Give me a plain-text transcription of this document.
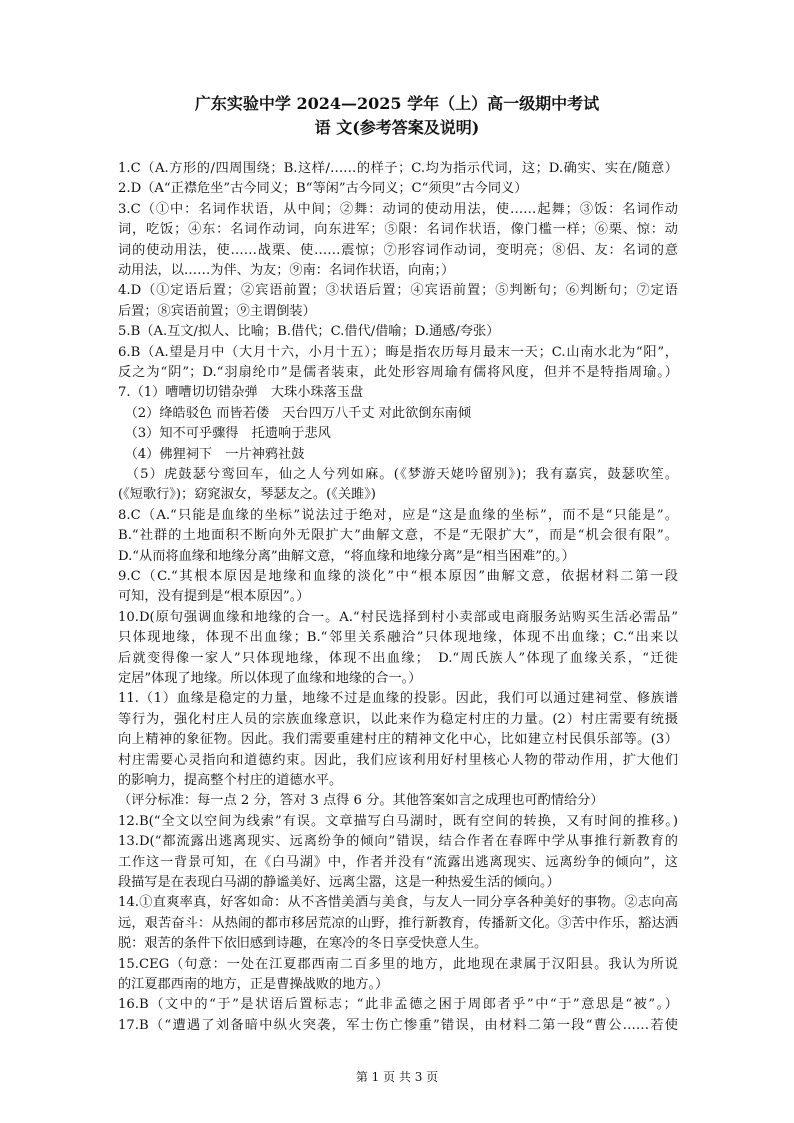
广东实验中学 2024—2025 学年（上）高一级期中考试
语 文(参考答案及说明)
1.C（A.方形的/四周围绕；B.这样/……的样子；C.均为指示代词，这；D.确实、实在/随意）
2.D（A“正襟危坐”古今同义；B“等闲”古今同义；C“须臾”古今同义）
3.C（①中：名词作状语，从中间；②舞：动词的使动用法，使……起舞；③饭：名词作动
词，吃饭；④东：名词作动词，向东进军；⑤限：名词作状语，像门槛一样；⑥栗、惊：动
词的使动用法，使……战栗、使……震惊；⑦形容词作动词，变明亮；⑧侣、友：名词的意
动用法，以……为伴、为友；⑨南：名词作状语，向南；）
4.D（①定语后置；②宾语前置；③状语后置；④宾语前置；⑤判断句；⑥判断句；⑦定语
后置；⑧宾语前置；⑨主谓倒装）
5.B（A.互文/拟人、比喻；B.借代；C.借代/借喻；D.通感/夸张）
6.B（A.望是月中（大月十六，小月十五）；晦是指农历每月最末一天；C.山南水北为“阳”，
反之为“阴”；D.“羽扇纶巾”是儒者装束，此处形容周瑜有儒将风度，但并不是特指周瑜。）
7.（1）嘈嘈切切错杂弹　大珠小珠落玉盘
　（2）绛皓驳色 而皆若偻　天台四万八千丈 对此欲倒东南倾
　（3）知不可乎骤得　托遗响于悲风
　（4）佛狸祠下　一片神鸦社鼓
　（5）虎鼓瑟兮鸾回车，仙之人兮列如麻。(《梦游天姥吟留别》)；我有嘉宾，鼓瑟吹笙。
(《短歌行》)；窈窕淑女，琴瑟友之。(《关雎》)
8.C（A.“只能是血缘的坐标”说法过于绝对，应是“这是血缘的坐标”，而不是“只能是”。
B.“社群的土地面积不断向外无限扩大”曲解文意，不是“无限扩大”，而是“机会很有限”。
D.“从而将血缘和地缘分离”曲解文意，“将血缘和地缘分离”是“相当困难”的。）
9.C（C.“其根本原因是地缘和血缘的淡化”中“根本原因”曲解文意，依据材料二第一段
可知，没有提到是“根本原因”。）
10.D(原句强调血缘和地缘的合一。A.“村民选择到村小卖部或电商服务站购买生活必需品”
只体现地缘，体现不出血缘；B.“邻里关系融洽”只体现地缘，体现不出血缘；C.“出来以
后就变得像一家人”只体现地缘，体现不出血缘；　D.“周氏族人”体现了血缘关系，“迁徙
定居”体现了地缘。所以体现了血缘和地缘的合一。）
11.（1）血缘是稳定的力量，地缘不过是血缘的投影。因此，我们可以通过建祠堂、修族谱
等行为，强化村庄人员的宗族血缘意识，以此来作为稳定村庄的力量。(2）村庄需要有统摄
向上精神的象征物。因此。我们需要重建村庄的精神文化中心，比如建立村民俱乐部等。(3）
村庄需要心灵指向和道德约束。因此，我们应该利用好村里核心人物的带动作用，扩大他们
的影响力，提高整个村庄的道德水平。
（评分标准：每一点 2 分，答对 3 点得 6 分。其他答案如言之成理也可酌情给分）
12.B(“全文以空间为线索”有误。文章描写白马湖时，既有空间的转换，又有时间的推移。)
13.D(“都流露出逃离现实、远离纷争的倾向”错误，结合作者在春晖中学从事推行新教育的
工作这一背景可知，在《白马湖》中，作者并没有“流露出逃离现实、远离纷争的倾向”，这
段描写是在表现白马湖的静谧美好、远离尘嚣，这是一种热爱生活的倾向。）
14.①直爽率真，好客如命：从不吝惜美酒与美食，与友人一同分享各种美好的事物。②志向高
远，艰苦奋斗：从热闹的都市移居荒凉的山野，推行新教育，传播新文化。③苦中作乐，豁达洒
脱：艰苦的条件下依旧感到诗趣，在寒冷的冬日享受快意人生。
15.CEG（句意：一处在江夏郡西南二百多里的地方，此地现在隶属于汉阳县。我认为所说
的江夏郡西南的地方，正是曹操战败的地方。）
16.B（文中的“于”是状语后置标志；“此非孟德之困于周郎者乎”中“于”意思是“被”。）
17.B（“遭遇了刘备暗中纵火突袭，军士伤亡惨重”错误，由材料二第一段“曹公……若使
第 1 页 共 3 页
